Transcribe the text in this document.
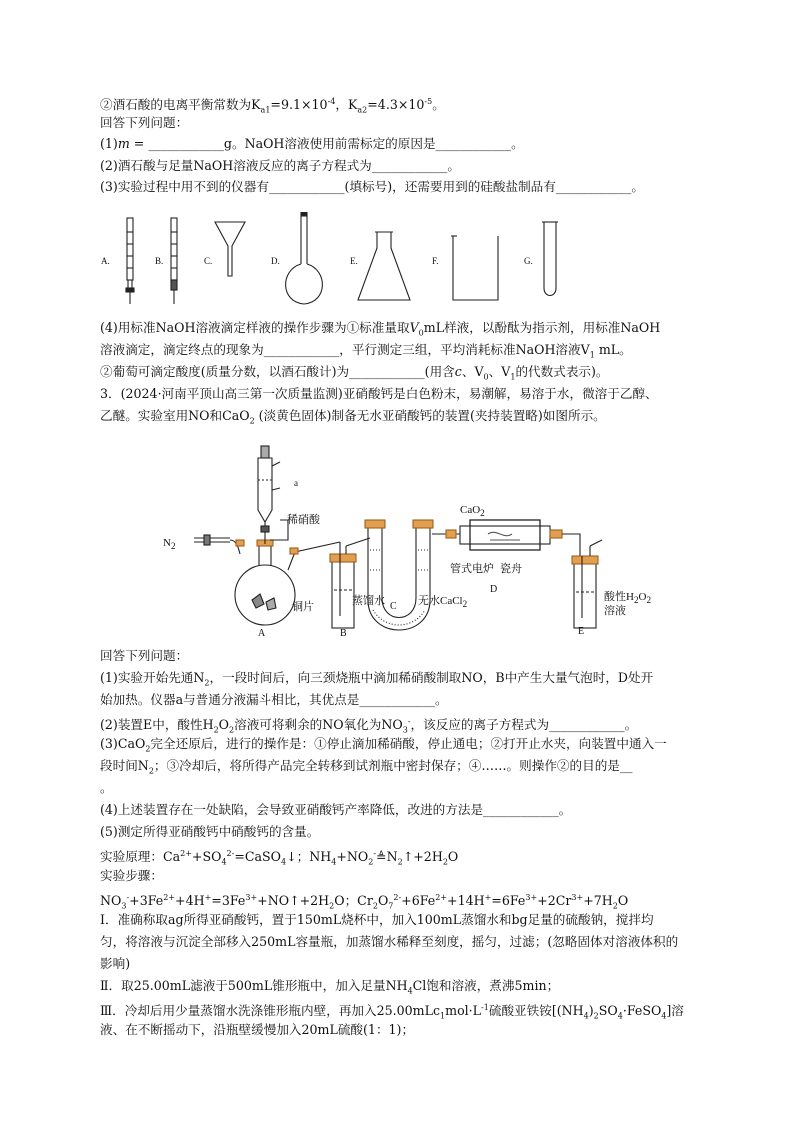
②酒石酸的电离平衡常数为$K_{a1}=9.1\times 10^{-4}$，$K_{a2}=4.3\times 10^{-5}$。
回答下列问题：
(1)m = ____________g。NaOH溶液使用前需标定的原因是____________。
(2)酒石酸与足量NaOH溶液反应的离子方程式为____________。
(3)实验过程中用不到的仪器有____________(填标号)，还需要用到的硅酸盐制品有____________。
A.	B.	C.	D.	E.	F.	G.
(4)用标准NaOH溶液滴定样液的操作步骤为①标准量取$V_0mL$样液，以酚酞为指示剂，用标准NaOH
溶液滴定，滴定终点的现象为____________，平行测定三组，平均消耗标准NaOH溶液$V_1$ mL。
②葡萄可滴定酸度(质量分数，以酒石酸计)为____________(用含c、$V_0$、$V_1$的代数式表示)。
3．(2024·河南平顶山高三第一次质量监测)亚硝酸钙是白色粉末，易潮解，易溶于水，微溶于乙醇、
乙醚。实验室用NO和CaO$_2$ (淡黄色固体)制备无水亚硝酸钙的装置(夹持装置略)如图所示。
a
稀硝酸
$N_2$
铜片	蒸馏水	无水CaCl$_2$
CaO$_2$
管式电炉 瓷舟
酸性$H_2O_2$
溶液
A	B
C
D
E
回答下列问题：
(1)实验开始先通$N_2$，一段时间后，向三颈烧瓶中滴加稀硝酸制取NO，B中产生大量气泡时，D处开
始加热。仪器a与普通分液漏斗相比，其优点是____________。
(2)装置E中，酸性$H_2O_2$溶液可将剩余的NO氧化为$NO_3^-$，该反应的离子方程式为____________。
(3)CaO$_2$完全还原后，进行的操作是：①停止滴加稀硝酸，停止通电；②打开止水夹，向装置中通入一
段时间$N_2$；③冷却后，将所得产品完全转移到试剂瓶中密封保存；④……。则操作②的目的是__
。
(4)上述装置存在一处缺陷，会导致亚硝酸钙产率降低，改进的方法是____________。
(5)测定所得亚硝酸钙中硝酸钙的含量。
实验原理：$Ca^{2+}+SO_4^{2-}=CaSO_4↓$；$NH_4+NO_2^-≜N_2↑+2H_2O$
实验步骤：
$NO_3^-+3Fe^{2+}+4H^+=3Fe^{3+}+NO↑+2H_2O$；$Cr_2O_7^{2-}+6Fe^{2+}+14H^+=6Fe^{3+}+2Cr^{3+}+7H_2O$
I．准确称取ag所得亚硝酸钙，置于150mL烧杯中，加入100mL蒸馏水和bg足量的硫酸钠，搅拌均
匀，将溶液与沉淀全部移入250mL容量瓶，加蒸馏水稀释至刻度，摇匀，过滤；(忽略固体对溶液体积的
影响)
Ⅱ．取25.00mL滤液于500mL锥形瓶中，加入足量$NH_4Cl$饱和溶液，煮沸5min；
Ⅲ．冷却后用少量蒸馏水洗涤锥形瓶内壁，再加入$25.00mLc_1mol\cdot L^{-1}$硫酸亚铁铵$[(NH_4)_2SO_4\cdot FeSO_4]$溶
液、在不断摇动下，沿瓶壁缓慢加入20mL硫酸(1：1)；
